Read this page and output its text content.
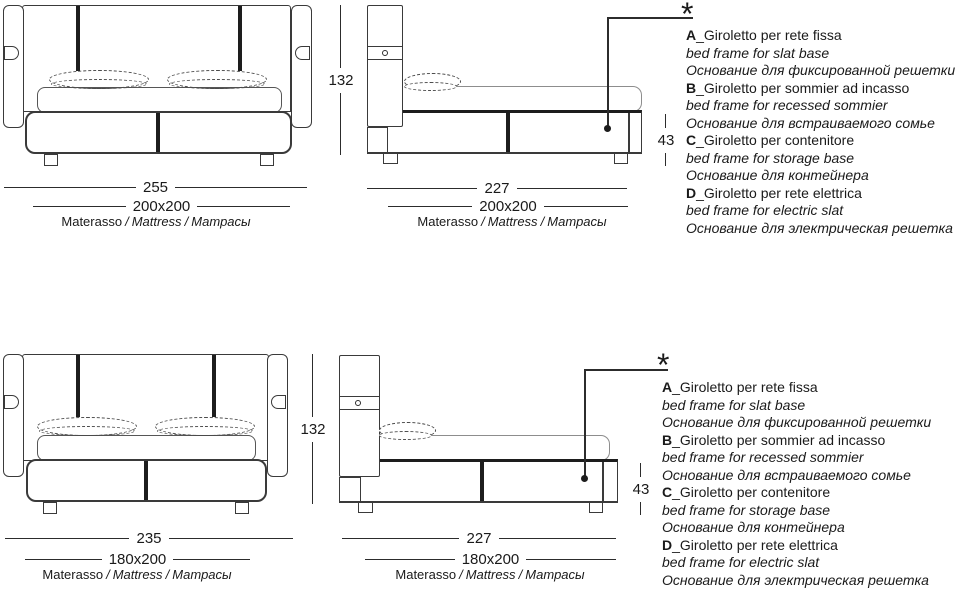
255
200x200
Materasso / Mattress / Матрасы
132
*
43
227
200x200
Materasso / Mattress / Матрасы
A_Giroletto per rete fissa
bed frame for slat base
Основание для фиксированной решетки
B_Giroletto per sommier ad incasso
bed frame for recessed sommier
Основание для встраиваемого сомье
C_Giroletto per contenitore
bed frame for storage base
Основание для контейнера
D_Giroletto per rete elettrica
bed frame for electric slat
Основание для электрическая решетка
132
235
180x200
Materasso / Mattress / Матрасы
*
43
227
180x200
Materasso / Mattress / Матрасы
A_Giroletto per rete fissa
bed frame for slat base
Основание для фиксированной решетки
B_Giroletto per sommier ad incasso
bed frame for recessed sommier
Основание для встраиваемого сомье
C_Giroletto per contenitore
bed frame for storage base
Основание для контейнера
D_Giroletto per rete elettrica
bed frame for electric slat
Основание для электрическая решетка
